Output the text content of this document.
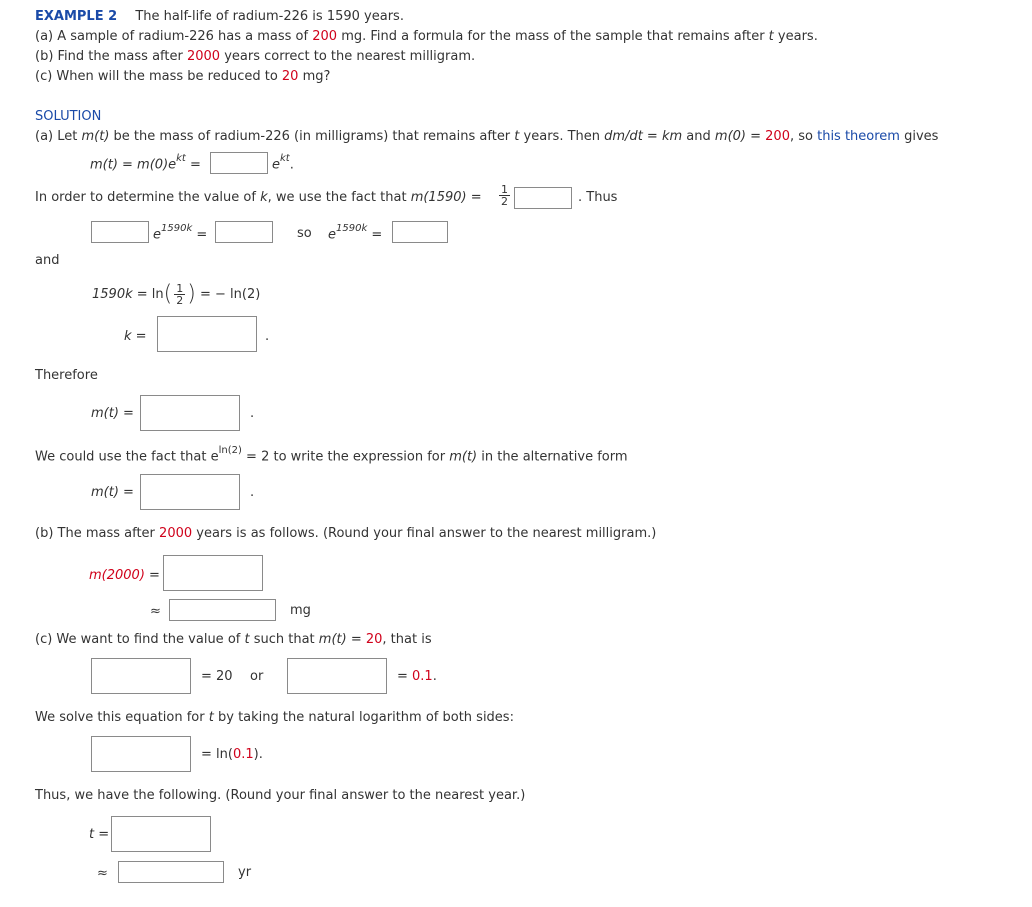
EXAMPLE 2 The half-life of radium-226 is 1590 years.
(a) A sample of radium-226 has a mass of 200 mg. Find a formula for the mass of the sample that remains after t years.
(b) Find the mass after 2000 years correct to the nearest milligram.
(c) When will the mass be reduced to 20 mg?
SOLUTION
(a) Let m(t) be the mass of radium-226 (in milligrams) that remains after t years. Then dm/dt = km and m(0) = 200, so this theorem gives
$m(t) = m(0)e^{kt}$ =	$e^{kt}$.
In order to determine the value of k, we use the fact that $m(1590) = \frac{1}{2}$	. Thus
$e^{1590k}$ =	so $e^{1590k}$ =
and
$1590k = \ln( \frac{1}{2}$ ) = − ln(2)
k =	.
Therefore
m(t) =	.
We could use the fact that $e^{ln(2)} = 2$ to write the expression for m(t) in the alternative form
m(t) =	.
(b) The mass after 2000 years is as follows. (Round your final answer to the nearest milligram.)
m(2000) =
≈	mg
(c) We want to find the value of t such that m(t) = 20, that is
= 20 or	= 0.1.
We solve this equation for t by taking the natural logarithm of both sides:
= ln(0.1).
Thus, we have the following. (Round your final answer to the nearest year.)
t =
≈	yr
